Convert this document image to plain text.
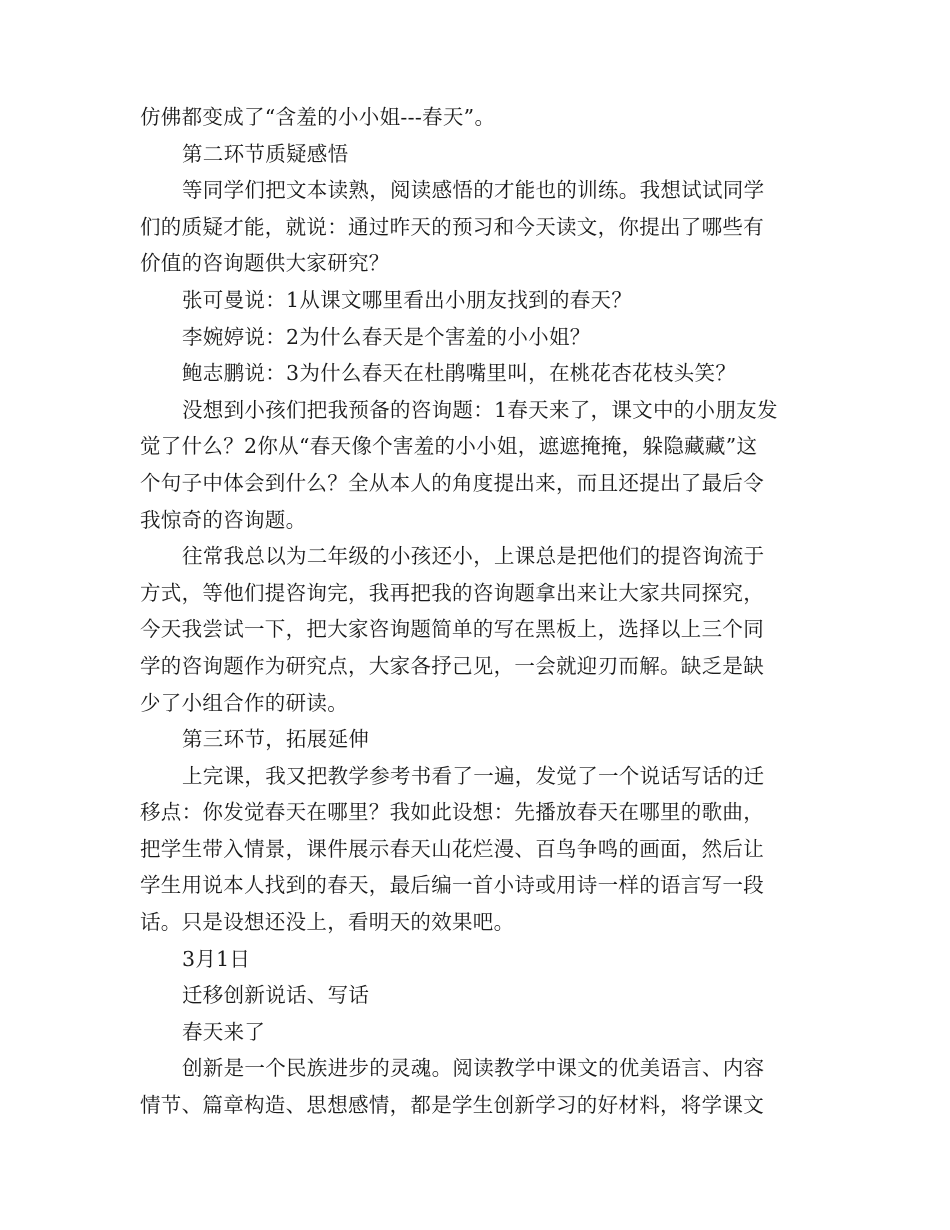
仿佛都变成了“含羞的小小姐---春天”。
第二环节质疑感悟
等同学们把文本读熟，阅读感悟的才能也的训练。我想试试同学
们的质疑才能，就说：通过昨天的预习和今天读文，你提出了哪些有
价值的咨询题供大家研究？
张可曼说：1从课文哪里看出小朋友找到的春天？
李婉婷说：2为什么春天是个害羞的小小姐？
鲍志鹏说：3为什么春天在杜鹃嘴里叫，在桃花杏花枝头笑？
没想到小孩们把我预备的咨询题：1春天来了，课文中的小朋友发
觉了什么？2你从“春天像个害羞的小小姐，遮遮掩掩，躲隐藏藏”这
个句子中体会到什么？全从本人的角度提出来，而且还提出了最后令
我惊奇的咨询题。
往常我总以为二年级的小孩还小，上课总是把他们的提咨询流于
方式，等他们提咨询完，我再把我的咨询题拿出来让大家共同探究，
今天我尝试一下，把大家咨询题简单的写在黑板上，选择以上三个同
学的咨询题作为研究点，大家各抒己见，一会就迎刃而解。缺乏是缺
少了小组合作的研读。
第三环节，拓展延伸
上完课，我又把教学参考书看了一遍，发觉了一个说话写话的迁
移点：你发觉春天在哪里？我如此设想：先播放春天在哪里的歌曲，
把学生带入情景，课件展示春天山花烂漫、百鸟争鸣的画面，然后让
学生用说本人找到的春天，最后编一首小诗或用诗一样的语言写一段
话。只是设想还没上，看明天的效果吧。
3月1日
迁移创新说话、写话
春天来了
创新是一个民族进步的灵魂。阅读教学中课文的优美语言、内容
情节、篇章构造、思想感情，都是学生创新学习的好材料，将学课文
